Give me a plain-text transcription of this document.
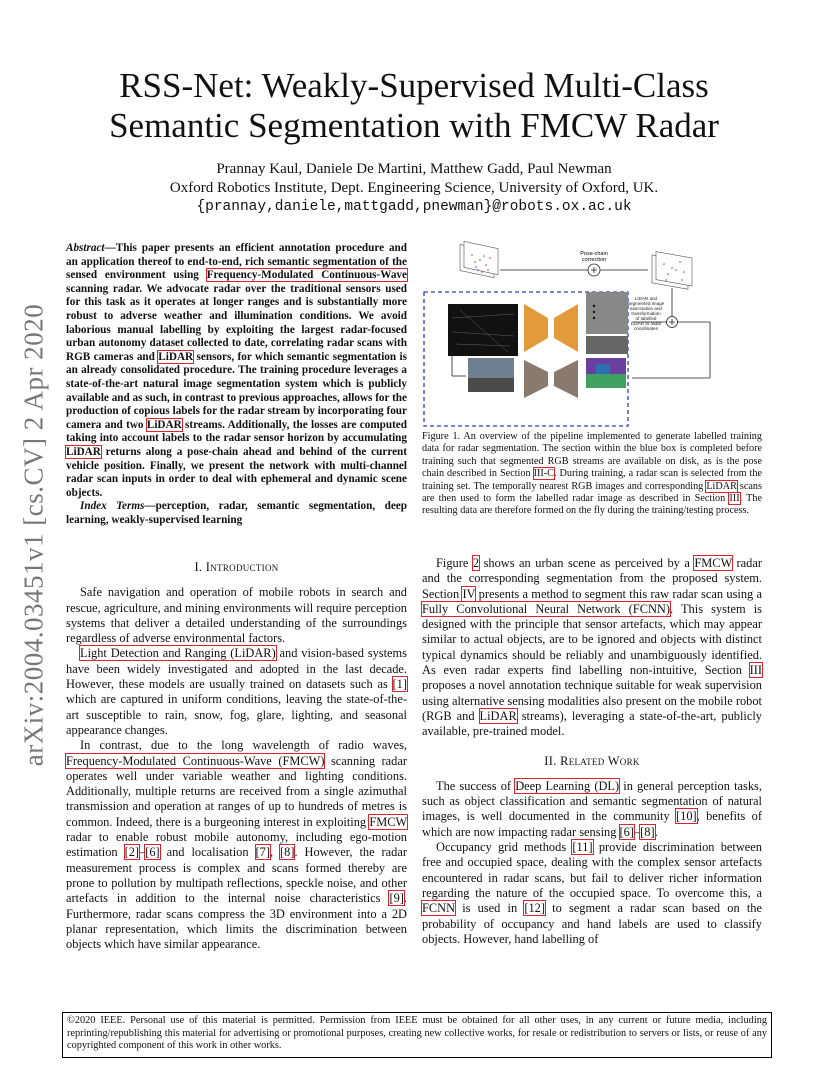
RSS-Net: Weakly-Supervised Multi-Class
Semantic Segmentation with FMCW Radar
Prannay Kaul, Daniele De Martini, Matthew Gadd, Paul Newman
Oxford Robotics Institute, Dept. Engineering Science, University of Oxford, UK.
{prannay,daniele,mattgadd,pnewman}@robots.ox.ac.uk
arXiv:2004.03451v1 [cs.CV] 2 Apr 2020
Abstract—This paper presents an efficient annotation procedure and an application thereof to end-to-end, rich semantic segmentation of the sensed environment using Frequency-Modulated Continuous-Wave scanning radar. We advocate radar over the traditional sensors used for this task as it operates at longer ranges and is substantially more robust to adverse weather and illumination conditions. We avoid laborious manual labelling by exploiting the largest radar-focused urban autonomy dataset collected to date, correlating radar scans with RGB cameras and LiDAR sensors, for which semantic segmentation is an already consolidated procedure. The training procedure leverages a state-of-the-art natural image segmentation system which is publicly available and as such, in contrast to previous approaches, allows for the production of copious labels for the radar stream by incorporating four camera and two LiDAR streams. Additionally, the losses are computed taking into account labels to the radar sensor horizon by accumulating LiDAR returns along a pose-chain ahead and behind of the current vehicle position. Finally, we present the network with multi-channel radar scan inputs in order to deal with ephemeral and dynamic scene objects.
Index Terms—perception, radar, semantic segmentation, deep learning, weakly-supervised learning
Pose-chain
correction
LiDAR and
segmented image
association and
transformation
of labelled
LiDAR to radar
coordinates
Figure 1. An overview of the pipeline implemented to generate labelled training data for radar segmentation. The section within the blue box is completed before training such that segmented RGB streams are available on disk, as is the pose chain described in Section III-C. During training, a radar scan is selected from the training set. The temporally nearest RGB images and corresponding LiDAR scans are then used to form the labelled radar image as described in Section III. The resulting data are therefore formed on the fly during the training/testing process.
I. Introduction

Safe navigation and operation of mobile robots in search and rescue, agriculture, and mining environments will require perception systems that deliver a detailed understanding of the surroundings regardless of adverse environmental factors.

Light Detection and Ranging (LiDAR) and vision-based systems have been widely investigated and adopted in the last decade. However, these models are usually trained on datasets such as [1] which are captured in uniform conditions, leaving the state-of-the-art susceptible to rain, snow, fog, glare, lighting, and seasonal appearance changes.

In contrast, due to the long wavelength of radio waves, Frequency-Modulated Continuous-Wave (FMCW) scanning radar operates well under variable weather and lighting conditions. Additionally, multiple returns are received from a single azimuthal transmission and operation at ranges of up to hundreds of metres is common. Indeed, there is a burgeoning interest in exploiting FMCW radar to enable robust mobile autonomy, including ego-motion estimation [2]–[6] and localisation [7], [8]. However, the radar measurement process is complex and scans formed thereby are prone to pollution by multipath reflections, speckle noise, and other artefacts in addition to the internal noise characteristics [9]. Furthermore, radar scans compress the 3D environment into a 2D planar representation, which limits the discrimination between objects which have similar appearance.

Figure 2 shows an urban scene as perceived by a FMCW radar and the corresponding segmentation from the proposed system. Section IV presents a method to segment this raw radar scan using a Fully Convolutional Neural Network (FCNN). This system is designed with the principle that sensor artefacts, which may appear similar to actual objects, are to be ignored and objects with distinct typical dynamics should be reliably and unambiguously identified. As even radar experts find labelling non-intuitive, Section III proposes a novel annotation technique suitable for weak supervision using alternative sensing modalities also present on the mobile robot (RGB and LiDAR streams), leveraging a state-of-the-art, publicly available, pre-trained model.

II. Related Work

The success of Deep Learning (DL) in general perception tasks, such as object classification and semantic segmentation of natural images, is well documented in the community [10], benefits of which are now impacting radar sensing [6]–[8].

Occupancy grid methods [11] provide discrimination between free and occupied space, dealing with the complex sensor artefacts encountered in radar scans, but fail to deliver richer information regarding the nature of the occupied space. To overcome this, a FCNN is used in [12] to segment a radar scan based on the probability of occupancy and hand labels are used to classify objects. However, hand labelling of

©2020 IEEE. Personal use of this material is permitted. Permission from IEEE must be obtained for all other uses, in any current or future media, including reprinting/republishing this material for advertising or promotional purposes, creating new collective works, for resale or redistribution to servers or lists, or reuse of any copyrighted component of this work in other works.
